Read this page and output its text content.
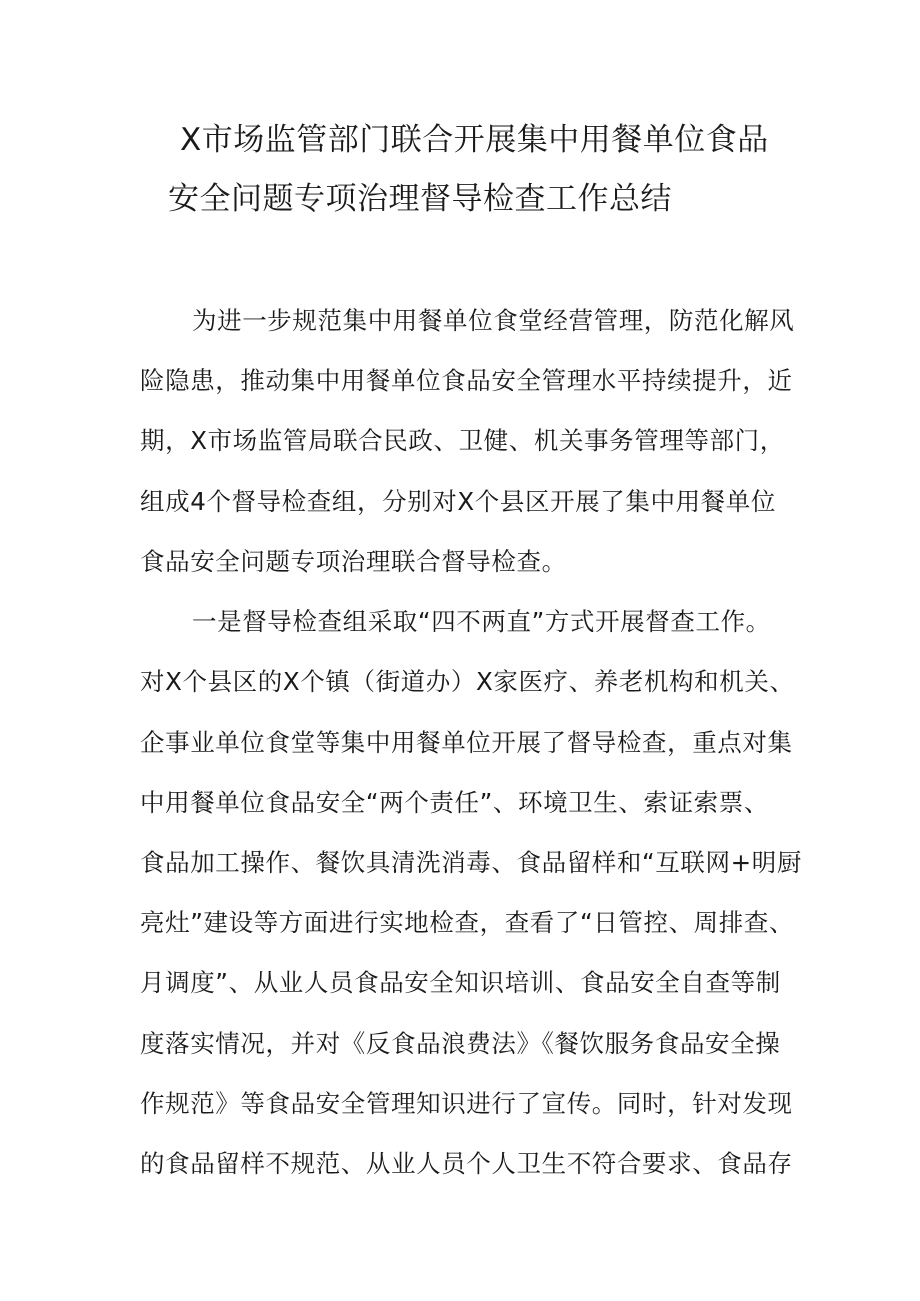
X市场监管部门联合开展集中用餐单位食品
安全问题专项治理督导检查工作总结
为进一步规范集中用餐单位食堂经营管理，防范化解风
险隐患，推动集中用餐单位食品安全管理水平持续提升，近
期，X市场监管局联合民政、卫健、机关事务管理等部门，
组成4个督导检查组，分别对X个县区开展了集中用餐单位
食品安全问题专项治理联合督导检查。
一是督导检查组采取“四不两直”方式开展督查工作。
对X个县区的X个镇（街道办）X家医疗、养老机构和机关、
企事业单位食堂等集中用餐单位开展了督导检查，重点对集
中用餐单位食品安全“两个责任”、环境卫生、索证索票、
食品加工操作、餐饮具清洗消毒、食品留样和“互联网+明厨
亮灶”建设等方面进行实地检查，查看了“日管控、周排查、
月调度”、从业人员食品安全知识培训、食品安全自查等制
度落实情况，并对《反食品浪费法》《餐饮服务食品安全操
作规范》等食品安全管理知识进行了宣传。同时，针对发现
的食品留样不规范、从业人员个人卫生不符合要求、食品存
